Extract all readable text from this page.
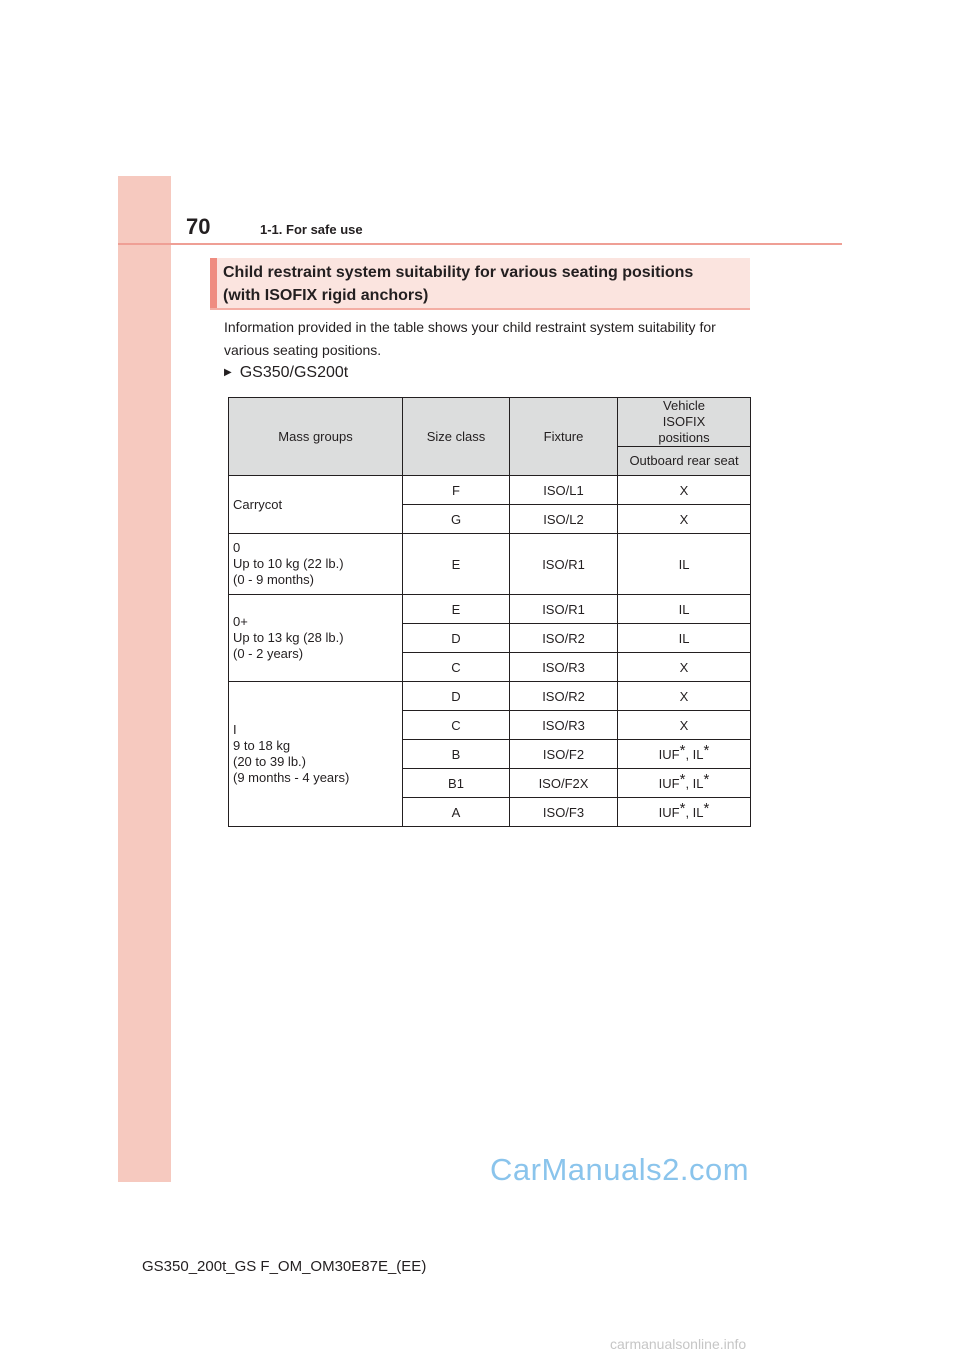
70	1-1. For safe use
Child restraint system suitability for various seating positions
(with ISOFIX rigid anchors)
Information provided in the table shows your child restraint system suitability for various seating positions.
▶ GS350/GS200t
Mass groups	Size class	Fixture	Vehicle ISOFIX positions
			Outboard rear seat

Carrycot	F	ISO/L1	X
	G	ISO/L2	X

0
Up to 10 kg (22 lb.)
(0 - 9 months)	E	ISO/R1	IL

0+
Up to 13 kg (28 lb.)
(0 - 2 years)	E	ISO/R1	IL
	D	ISO/R2	IL
	C	ISO/R3	X

I
9 to 18 kg
(20 to 39 lb.)
(9 months - 4 years)	D	ISO/R2	X
	C	ISO/R3	X
	B	ISO/F2	IUF*, IL*
	B1	ISO/F2X	IUF*, IL*
	A	ISO/F3	IUF*, IL*
GS350_200t_GS F_OM_OM30E87E_(EE)
CarManuals2.com
carmanualsonline.info
